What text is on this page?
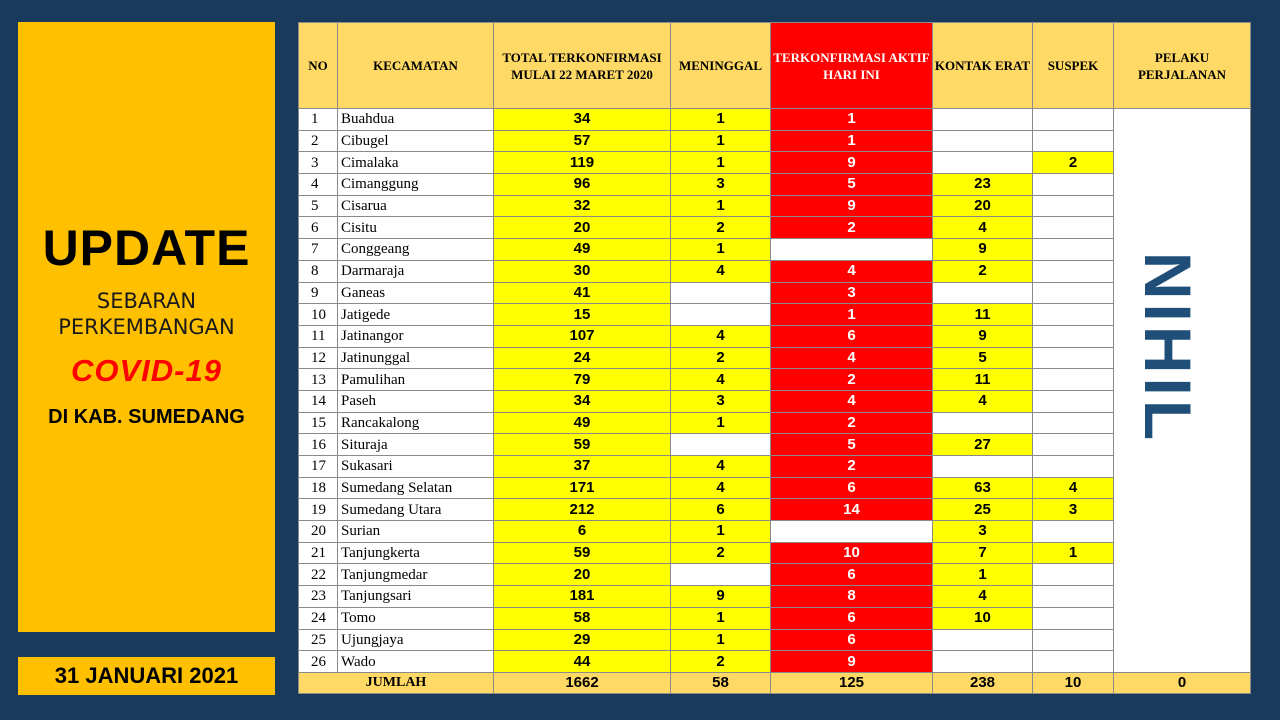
UPDATE
SEBARAN
PERKEMBANGAN
COVID-19
DI KAB. SUMEDANG
31 JANUARI 2021
NO	KECAMATAN	TOTAL TERKONFIRMASI MULAI 22 MARET 2020	MENINGGAL	TERKONFIRMASI AKTIF HARI INI	KONTAK ERAT	SUSPEK	PELAKU PERJALANAN
1	Buahdua	34	1	1			
2	Cibugel	57	1	1			
3	Cimalaka	119	1	9		2	
4	Cimanggung	96	3	5	23		
5	Cisarua	32	1	9	20		
6	Cisitu	20	2	2	4		
7	Conggeang	49	1		9		
8	Darmaraja	30	4	4	2		
9	Ganeas	41		3			
10	Jatigede	15		1	11		
11	Jatinangor	107	4	6	9		
12	Jatinunggal	24	2	4	5		
13	Pamulihan	79	4	2	11		
14	Paseh	34	3	4	4		
15	Rancakalong	49	1	2			
16	Situraja	59		5	27		
17	Sukasari	37	4	2			
18	Sumedang Selatan	171	4	6	63	4	
19	Sumedang Utara	212	6	14	25	3	
20	Surian	6	1		3		
21	Tanjungkerta	59	2	10	7	1	
22	Tanjungmedar	20		6	1		
23	Tanjungsari	181	9	8	4		
24	Tomo	58	1	6	10		
25	Ujungjaya	29	1	6			
26	Wado	44	2	9			
JUMLAH		1662	58	125	238	10	0
NIHIL
